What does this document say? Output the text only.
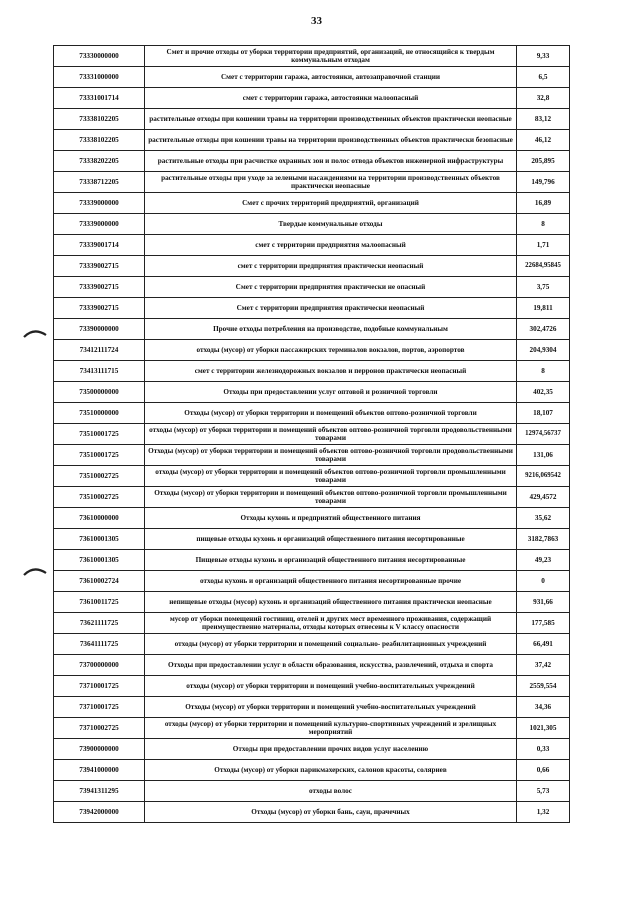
33
73330000000	Смет и прочие отходы от уборки территории предприятий, организаций, не относящийся к твердым коммунальным отходам	9,33
73331000000	Смет с территории гаража, автостоянки, автозаправочной станции	6,5
73331001714	смет с территории гаража, автостоянки малоопасный	32,8
73338102205	растительные отходы при кошении травы на территории производственных объектов практически неопасные	83,12
73338102205	растительные отходы при кошении травы на территории производственных объектов практически безопасные	46,12
73338202205	растительные отходы при расчистке охранных зон и полос отвода объектов инженерной инфраструктуры	205,895
73338712205	растительные отходы при уходе за зелеными насаждениями на территории производственных объектов практически неопасные	149,796
73339000000	Смет с прочих территорий предприятий, организаций	16,89
73339000000	Твердые коммунальные отходы	8
73339001714	смет с территории предприятия малоопасный	1,71
73339002715	смет с территории предприятия практически неопасный	22684,95845
73339002715	Смет с территории предприятия практически не опасный	3,75
73339002715	Смет с территории предприятия практически неопасный	19,811
73390000000	Прочие отходы потребления на производстве, подобные коммунальным	302,4726
73412111724	отходы (мусор) от уборки пассажирских терминалов вокзалов, портов, аэропортов	204,9304
73413111715	смет с территории железнодорожных вокзалов и перронов практически неопасный	8
73500000000	Отходы при предоставлении услуг оптовой и розничной торговли	402,35
73510000000	Отходы (мусор) от уборки территории и помещений объектов оптово-розничной торговли	18,107
73510001725	отходы (мусор) от уборки территории и помещений объектов оптово-розничной торговли продовольственными товарами	12974,56737
73510001725	Отходы (мусор) от уборки территории и помещений объектов оптово-розничной торговли продовольственными товарами	131,06
73510002725	отходы (мусор) от уборки территории и помещений объектов оптово-розничной торговли промышленными товарами	9216,069542
73510002725	Отходы (мусор) от уборки территории и помещений объектов оптово-розничной торговли промышленными товарами	429,4572
73610000000	Отходы кухонь и предприятий общественного питания	35,62
73610001305	пищевые отходы кухонь и организаций общественного питания несортированные	3182,7863
73610001305	Пищевые отходы кухонь и организаций общественного питания несортированные	49,23
73610002724	отходы кухонь и организаций общественного питания несортированные прочие	0
73610011725	непищевые отходы (мусор) кухонь и организаций общественного питания практически неопасные	931,66
73621111725	мусор от уборки помещений гостиниц, отелей и других мест временного проживания, содержащий преимущественно материалы, отходы которых отнесены к V классу опасности	177,585
73641111725	отходы (мусор) от уборки территории и помещений социально- реабилитационных учреждений	66,491
73700000000	Отходы при предоставлении услуг в области образования, искусства, развлечений, отдыха и спорта	37,42
73710001725	отходы (мусор) от уборки территории и помещений учебно-воспитательных учреждений	2559,554
73710001725	Отходы (мусор) от уборки территории и помещений учебно-воспитательных учреждений	34,36
73710002725	отходы (мусор) от уборки территории и помещений культурно-спортивных учреждений и зрелищных мероприятий	1021,305
73900000000	Отходы при предоставлении прочих видов услуг населению	0,33
73941000000	Отходы (мусор) от уборки парикмахерских, салонов красоты, соляриев	0,66
73941311295	отходы волос	5,73
73942000000	Отходы (мусор) от уборки бань, саун, прачечных	1,32
